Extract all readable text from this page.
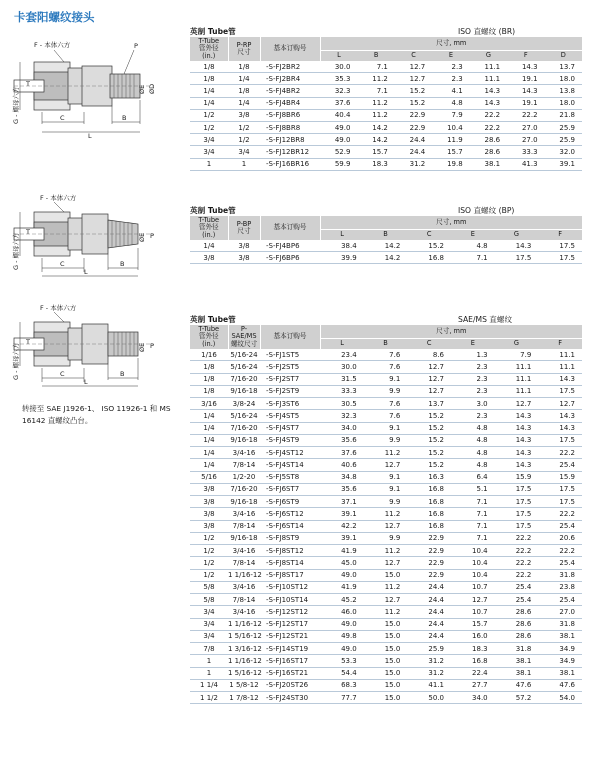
卡套阳螺纹接头
F - 本体六方	P
G - 螺母六方
T
C	B
L
ØE ØD
F - 本体六方
P
G - 螺母六方
T
C	B
L
ØE
F - 本体六方
P
G - 螺母六方
T
C	B
L
ØE
转接至 SAE J1926-1、 ISO 11926-1 和 MS 16142 直螺纹凸台。
英制 Tube管	ISO 直螺纹 (BR)
T-Tube
管外径
(in.)	P-RP
尺寸	基本订购号	尺寸, mm						
			L	B	C	E	G	F	D
1/8	1/8	-S-FJ2BR2	30.0	7.1	12.7	2.3	11.1	14.3	13.7
1/8	1/4	-S-FJ2BR4	35.3	11.2	12.7	2.3	11.1	19.1	18.0
1/4	1/8	-S-FJ4BR2	32.3	7.1	15.2	4.1	14.3	14.3	13.8
1/4	1/4	-S-FJ4BR4	37.6	11.2	15.2	4.8	14.3	19.1	18.0
1/2	3/8	-S-FJ8BR6	40.4	11.2	22.9	7.9	22.2	22.2	21.8
1/2	1/2	-S-FJ8BR8	49.0	14.2	22.9	10.4	22.2	27.0	25.9
3/4	1/2	-S-FJ12BR8	49.0	14.2	24.4	11.9	28.6	27.0	25.9
3/4	3/4	-S-FJ12BR12	52.9	15.7	24.4	15.7	28.6	33.3	32.0
1	1	-S-FJ16BR16	59.9	18.3	31.2	19.8	38.1	41.3	39.1
英制 Tube管	ISO 直螺纹 (BP)
T-Tube
管外径
(in.)	P-BP
尺寸	基本订购号	尺寸, mm					
			L	B	C	E	G	F
1/4	3/8	-S-FJ4BP6	38.4	14.2	15.2	4.8	14.3	17.5
3/8	3/8	-S-FJ6BP6	39.9	14.2	16.8	7.1	17.5	17.5
英制 Tube管	SAE/MS 直螺纹
T-Tube
管外径
(in.)	P-SAE/MS
螺纹尺寸	基本订购号	尺寸, mm					
			L	B	C	E	G	F
1/16	5/16-24	-S-FJ1ST5	23.4	7.6	8.6	1.3	7.9	11.1
1/8	5/16-24	-S-FJ2ST5	30.0	7.6	12.7	2.3	11.1	11.1
1/8	7/16-20	-S-FJ2ST7	31.5	9.1	12.7	2.3	11.1	14.3
1/8	9/16-18	-S-FJ2ST9	33.3	9.9	12.7	2.3	11.1	17.5
3/16	3/8-24	-S-FJ3ST6	30.5	7.6	13.7	3.0	12.7	12.7
1/4	5/16-24	-S-FJ4ST5	32.3	7.6	15.2	2.3	14.3	14.3
1/4	7/16-20	-S-FJ4ST7	34.0	9.1	15.2	4.8	14.3	14.3
1/4	9/16-18	-S-FJ4ST9	35.6	9.9	15.2	4.8	14.3	17.5
1/4	3/4-16	-S-FJ4ST12	37.6	11.2	15.2	4.8	14.3	22.2
1/4	7/8-14	-S-FJ4ST14	40.6	12.7	15.2	4.8	14.3	25.4
5/16	1/2-20	-S-FJ5ST8	34.8	9.1	16.3	6.4	15.9	15.9
3/8	7/16-20	-S-FJ6ST7	35.6	9.1	16.8	5.1	17.5	17.5
3/8	9/16-18	-S-FJ6ST9	37.1	9.9	16.8	7.1	17.5	17.5
3/8	3/4-16	-S-FJ6ST12	39.1	11.2	16.8	7.1	17.5	22.2
3/8	7/8-14	-S-FJ6ST14	42.2	12.7	16.8	7.1	17.5	25.4
1/2	9/16-18	-S-FJ8ST9	39.1	9.9	22.9	7.1	22.2	20.6
1/2	3/4-16	-S-FJ8ST12	41.9	11.2	22.9	10.4	22.2	22.2
1/2	7/8-14	-S-FJ8ST14	45.0	12.7	22.9	10.4	22.2	25.4
1/2	1 1/16-12	-S-FJ8ST17	49.0	15.0	22.9	10.4	22.2	31.8
5/8	3/4-16	-S-FJ10ST12	41.9	11.2	24.4	10.7	25.4	23.8
5/8	7/8-14	-S-FJ10ST14	45.2	12.7	24.4	12.7	25.4	25.4
3/4	3/4-16	-S-FJ12ST12	46.0	11.2	24.4	10.7	28.6	27.0
3/4	1 1/16-12	-S-FJ12ST17	49.0	15.0	24.4	15.7	28.6	31.8
3/4	1 5/16-12	-S-FJ12ST21	49.8	15.0	24.4	16.0	28.6	38.1
7/8	1 3/16-12	-S-FJ14ST19	49.0	15.0	25.9	18.3	31.8	34.9
1	1 1/16-12	-S-FJ16ST17	53.3	15.0	31.2	16.8	38.1	34.9
1	1 5/16-12	-S-FJ16ST21	54.4	15.0	31.2	22.4	38.1	38.1
1 1/4	1 5/8-12	-S-FJ20ST26	68.3	15.0	41.1	27.7	47.6	47.6
1 1/2	1 7/8-12	-S-FJ24ST30	77.7	15.0	50.0	34.0	57.2	54.0
